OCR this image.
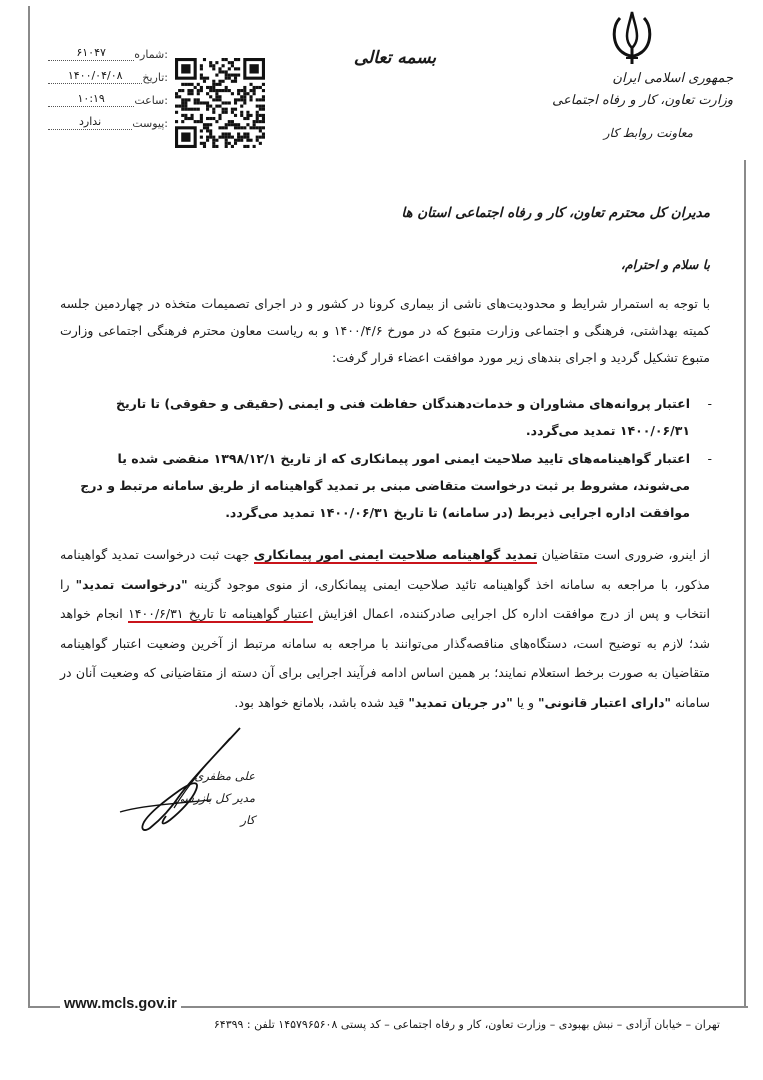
جمهوری اسلامی ایران
وزارت تعاون، کار و رفاه اجتماعی
معاونت روابط کار
بسمه تعالی
شماره:
۶۱۰۴۷
تاریخ:
۱۴۰۰/۰۴/۰۸
ساعت:
۱۰:۱۹
پیوست:
ندارد
مدیران کل محترم تعاون، کار و رفاه اجتماعی استان ها
با سلام و احترام،
با توجه به استمرار شرایط و محدودیت‌های ناشی از بیماری کرونا در کشور و در اجرای تصمیمات متخذه در چهاردمین جلسه کمیته بهداشتی، فرهنگی و اجتماعی وزارت متبوع که در مورخ ۱۴۰۰/۴/۶ و به ریاست معاون محترم فرهنگی اجتماعی وزارت متبوع تشکیل گردید و اجرای بندهای زیر مورد موافقت اعضاء قرار گرفت:
-
اعتبار پروانه‌های مشاوران و خدمات‌دهندگان حفاظت فنی و ایمنی (حقیقی و حقوقی) تا تاریخ ۱۴۰۰/۰۶/۳۱ تمدید می‌گردد.
-
اعتبار گواهینامه‌های تایید صلاحیت ایمنی امور پیمانکاری که از تاریخ ۱۳۹۸/۱۲/۱ منقضی شده یا می‌شوند، مشروط بر ثبت درخواست متقاضی مبنی بر تمدید گواهینامه از طریق سامانه مرتبط و درج موافقت اداره اجرایی ذیربط (در سامانه) تا تاریخ ۱۴۰۰/۰۶/۳۱ تمدید می‌گردد.
از اینرو، ضروری است متقاضیان تمدید گواهینامه صلاحیت ایمنی امور پیمانکاری جهت ثبت درخواست تمدید گواهینامه مذکور، با مراجعه به سامانه اخذ گواهینامه تائید صلاحیت ایمنی پیمانکاری، از منوی موجود گزینه "درخواست تمدید" را انتخاب و پس از درج موافقت اداره کل اجرایی صادرکننده، اعمال افزایش اعتبار گواهینامه تا تاریخ ۱۴۰۰/۶/۳۱ انجام خواهد شد؛ لازم به توضیح است، دستگاه‌های مناقصه‌گذار می‌توانند با مراجعه به سامانه مرتبط از آخرین وضعیت اعتبار گواهینامه متقاضیان به صورت برخط استعلام نمایند؛ بر همین اساس ادامه فرآیند اجرایی برای آن دسته از متقاضیانی که وضعیت آنان در سامانه "دارای اعتبار قانونی" و یا "در جریان تمدید" قید شده باشد، بلامانع خواهد بود.
علی مظفری
مدیر کل بازرسی کار
www.mcls.gov.ir
تهران – خیابان آزادی – نبش بهبودی – وزارت تعاون، کار و رفاه اجتماعی – کد پستی ۱۴۵۷۹۶۵۶۰۸ تلفن : ۶۴۳۹۹
